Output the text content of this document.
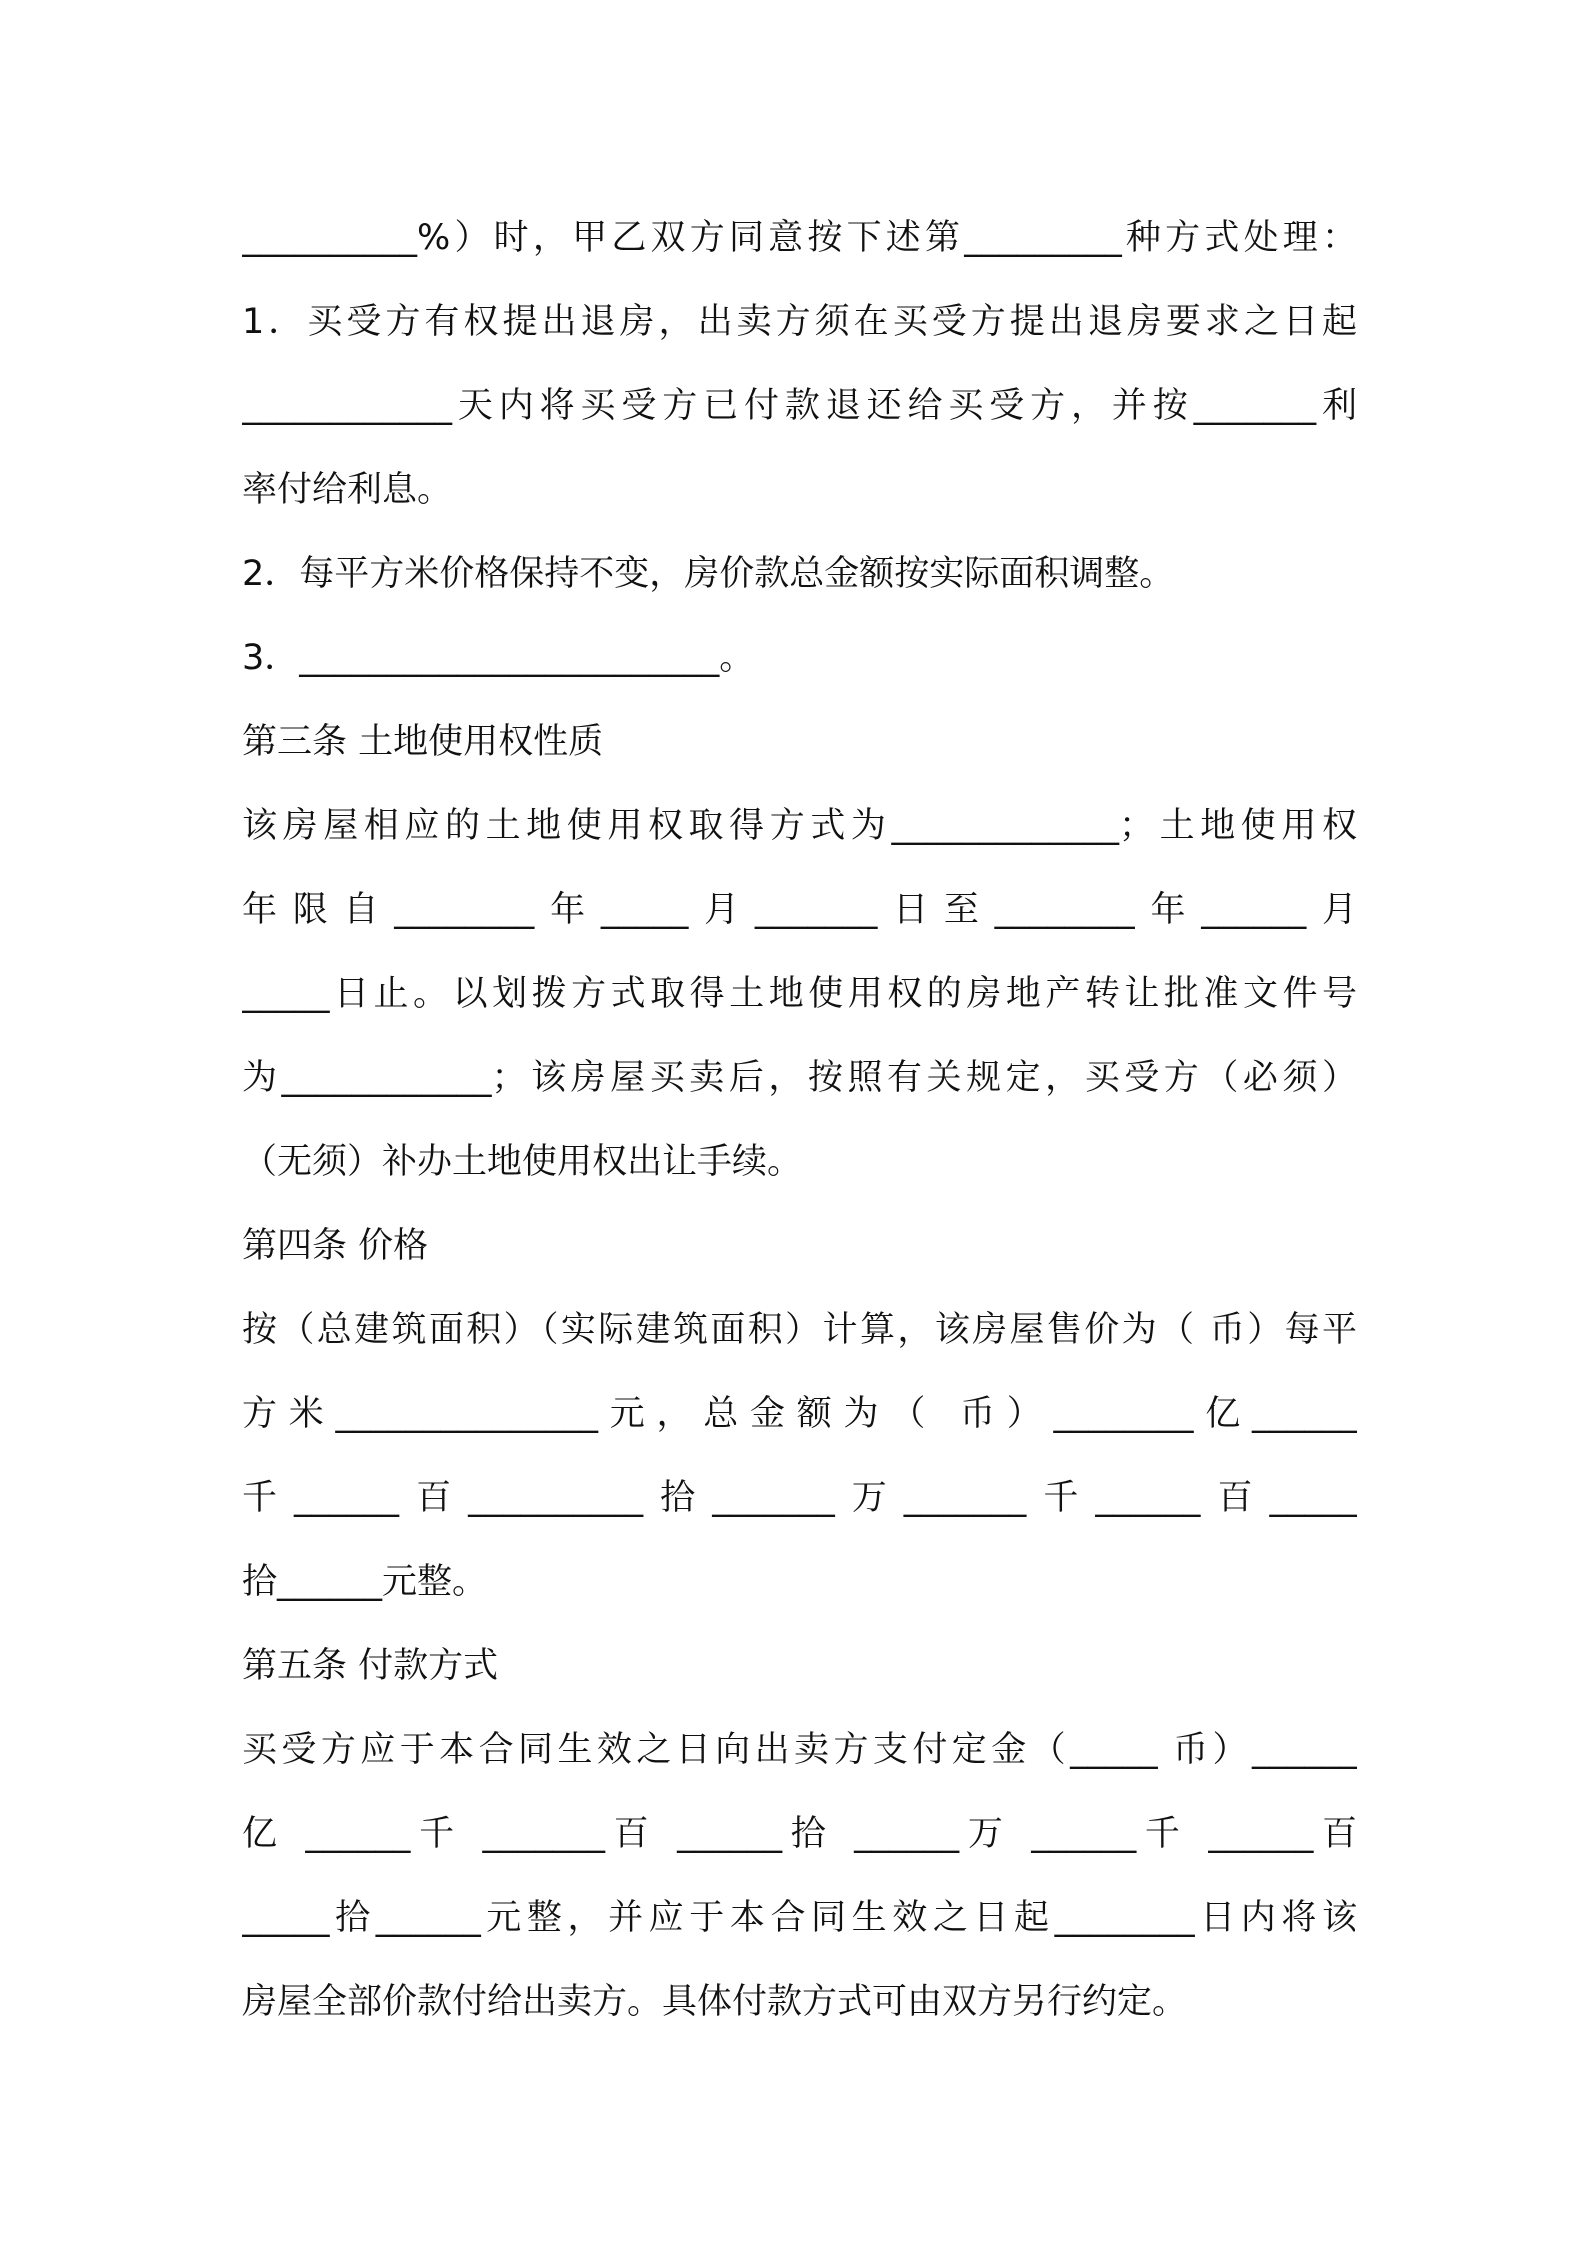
__________%）时，甲乙双方同意按下述第_________种方式处理：
1．买受方有权提出退房，出卖方须在买受方提出退房要求之日起
____________天内将买受方已付款退还给买受方，并按_______利
率付给利息。
2．每平方米价格保持不变，房价款总金额按实际面积调整。
3．________________________。
第三条 土地使用权性质
该房屋相应的土地使用权取得方式为_____________；土地使用权
年限自________年_____月_______日至________年______月
_____日止。以划拨方式取得土地使用权的房地产转让批准文件号
为____________；该房屋买卖后，按照有关规定，买受方（必须）
（无须）补办土地使用权出让手续。
第四条 价格
按（总建筑面积）（实际建筑面积）计算，该房屋售价为（ 币）每平
方米_______________元，总金额为（ 币）________亿______
千______百__________拾_______万_______千______百_____
拾______元整。
第五条 付款方式
买受方应于本合同生效之日向出卖方支付定金（_____ 币）______
亿 ______千 _______百 ______拾 ______万 ______千 ______百
_____拾______元整，并应于本合同生效之日起________日内将该
房屋全部价款付给出卖方。具体付款方式可由双方另行约定。
